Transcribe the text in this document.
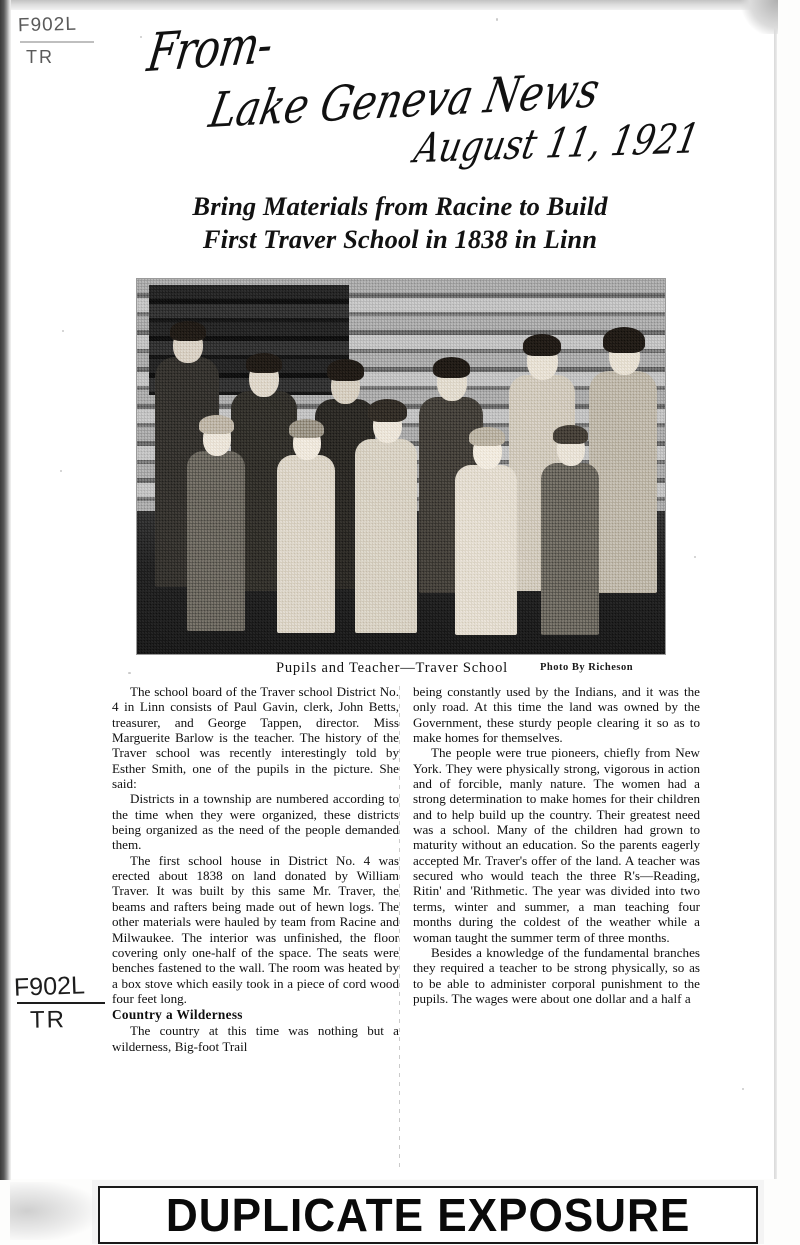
F902L
TR	From-
Lake Geneva News
August 11, 1921
Bring Materials from Racine to Build
First Traver School in 1838 in Linn
Pupils and Teacher—Traver School	Photo By Richeson

The school board of the Traver school District No. 4 in Linn consists of Paul Gavin, clerk, John Betts, treasurer, and George Tappen, director. Miss Marguerite Barlow is the teacher. The history of the Traver school was recently interestingly told by Esther Smith, one of the pupils in the picture. She said:

Districts in a township are numbered according to the time when they were organized, these districts being organized as the need of the people demanded them.

The first school house in District No. 4 was erected about 1838 on land donated by William Traver. It was built by this same Mr. Traver, the beams and rafters being made out of hewn logs. The other materials were hauled by team from Racine and Milwaukee. The interior was unfinished, the floor covering only one-half of the space. The seats were benches fastened to the wall. The room was heated by a box stove which easily took in a piece of cord wood four feet long.

Country a Wilderness

The country at this time was nothing but a wilderness, Big-foot Trail

being constantly used by the Indians, and it was the only road. At this time the land was owned by the Government, these sturdy people clearing it so as to make homes for themselves.

The people were true pioneers, chiefly from New York. They were physically strong, vigorous in action and of forcible, manly nature. The women had a strong determination to make homes for their children and to help build up the country. Their greatest need was a school. Many of the children had grown to maturity without an education. So the parents eagerly accepted Mr. Traver's offer of the land. A teacher was secured who would teach the three R's—Reading, Ritin' and 'Rithmetic. The year was divided into two terms, winter and summer, a man teaching four months during the coldest of the weather while a woman taught the summer term of three months.

Besides a knowledge of the fundamental branches they required a teacher to be strong physically, so as to be able to administer corporal punishment to the pupils. The wages were about one dollar and a half a

F902L
TR
DUPLICATE EXPOSURE
